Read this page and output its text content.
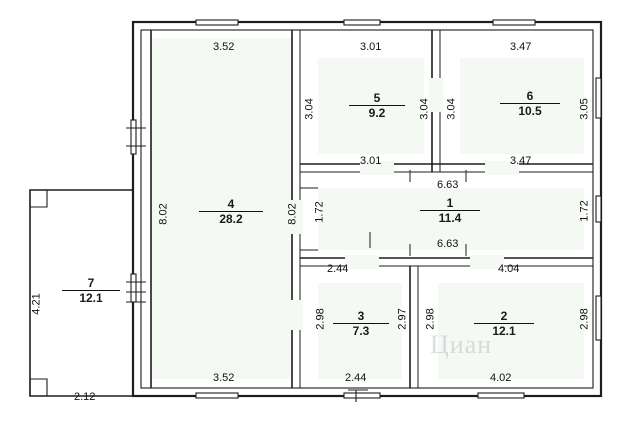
4
28.2
5
9.2
6
10.5
1
11.4
3
7.3
2
12.1
7
12.1
3.52	3.01	3.47
3.01	3.47
6.63
6.63
2.44	4.04
3.52	2.44	4.02
2.12
4.21
8.02	8.02
3.04	3.04 3.04	3.05
1.72	1.72
2.98	2.97 2.98	2.98
Циан
